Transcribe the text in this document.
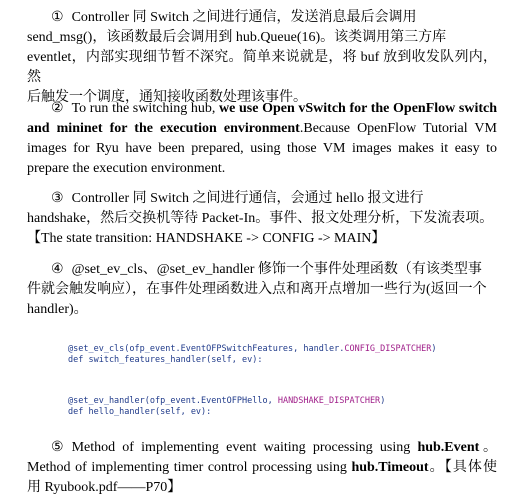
① Controller 同 Switch 之间进行通信，发送消息最后会调用
send_msg()，该函数最后会调用到 hub.Queue(16)。该类调用第三方库
eventlet，内部实现细节暂不深究。简单来说就是，将 buf 放到收发队列内，然
后触发一个调度，通知接收函数处理该事件。

② To run the switching hub, we use Open vSwitch for the OpenFlow switch and mininet for the execution environment.Because OpenFlow Tutorial VM images for Ryu have been prepared, using those VM images makes it easy to prepare the execution environment.

③ Controller 同 Switch 之间进行通信，会通过 hello 报文进行
handshake，然后交换机等待 Packet-In。事件、报文处理分析，下发流表项。
【The state transition: HANDSHAKE -> CONFIG -> MAIN】

④ @set_ev_cls、@set_ev_handler 修饰一个事件处理函数（有该类型事
件就会触发响应），在事件处理函数进入点和离开点增加一些行为(返回一个
handler)。

@set_ev_cls(ofp_event.EventOFPSwitchFeatures, handler.CONFIG_DISPATCHER)
def switch_features_handler(self, ev):
@set_ev_handler(ofp_event.EventOFPHello, HANDSHAKE_DISPATCHER)
def hello_handler(self, ev):

⑤ Method of implementing event waiting processing using hub.Event。 Method of implementing timer control processing using hub.Timeout。【具体使用 Ryubook.pdf——P70】
